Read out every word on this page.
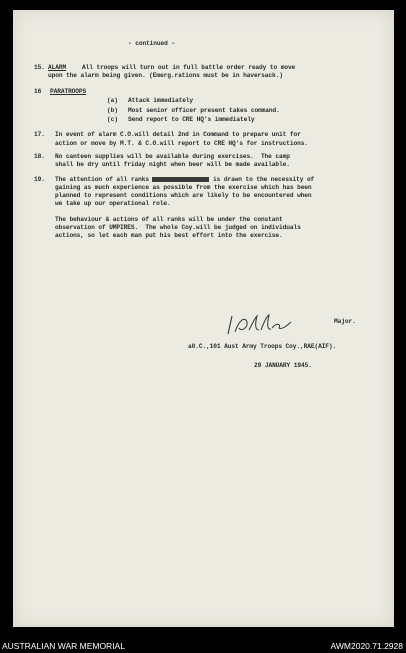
- continued -
15. ALARM	All troops will turn out in full battle order ready to move
upon the alarm being given. (Emerg.rations must be in haversack.)
16 PARATROOPS
(a) Attack immediately
(b) Most senior officer present takes command.
(c) Send report to CRE HQ's immediately
17. In event of alarm C.O.will detail 2nd in Command to prepare unit for
action or move by M.T. & C.O.will report to CRE HQ's for instructions.
18. No canteen supplies will be available during exercises.  The camp
shall be dry until friday night when beer will be made available.
19. The attention of all ranks	is drawn to the necessity of
gaining as much experience as possible from the exercise which has been
planned to represent conditions which are likely to be encountered when
we take up our operational role.
The behaviour & actions of all ranks will be under the constant
observation of UMPIRES.  The whole Coy.will be judged on individuals
actions, so let each man put his best effort into the exercise.
Major.
a0.C.,101 Aust Army Troops Coy.,RAE(AIF).
29 JANUARY 1945.
AUSTRALIAN WAR MEMORIAL	AWM2020.71.2928
